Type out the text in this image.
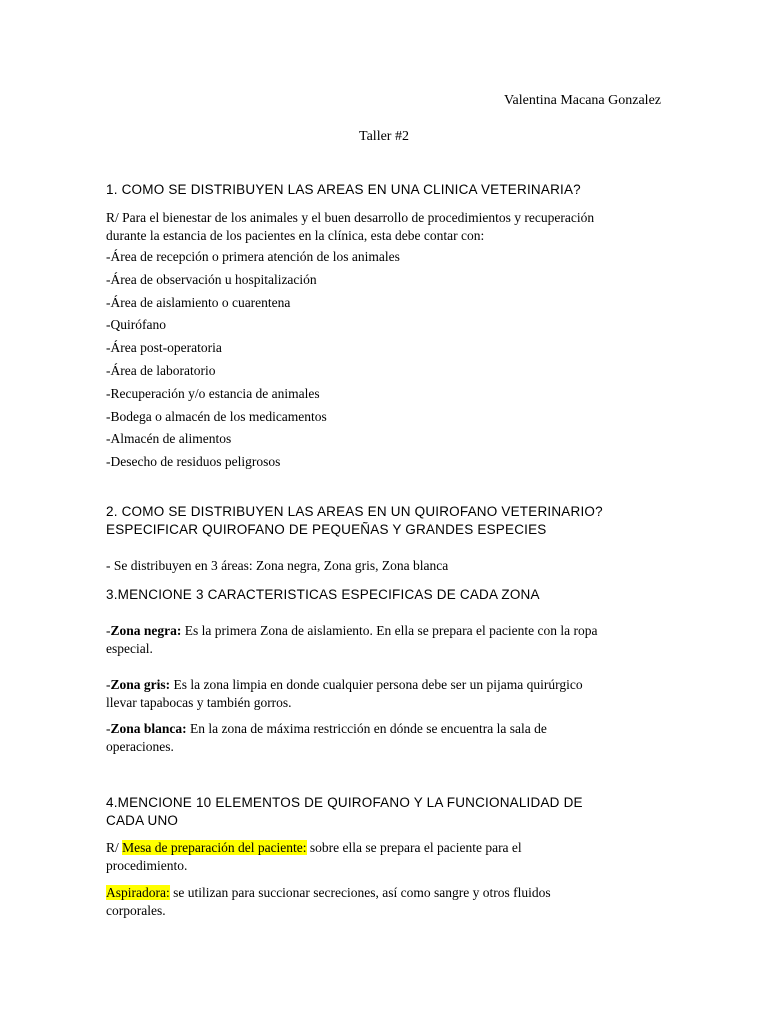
Valentina Macana Gonzalez
Taller #2
1. COMO SE DISTRIBUYEN LAS AREAS EN UNA CLINICA VETERINARIA?

R/ Para el bienestar de los animales y el buen desarrollo de procedimientos y recuperación

durante la estancia de los pacientes en la clínica, esta debe contar con:

-Área de recepción o primera atención de los animales
-Área de observación u hospitalización
-Área de aislamiento o cuarentena
-Quirófano
-Área post-operatoria
-Área de laboratorio
-Recuperación y/o estancia de animales
-Bodega o almacén de los medicamentos
-Almacén de alimentos
-Desecho de residuos peligrosos
2. COMO SE DISTRIBUYEN LAS AREAS EN UN QUIROFANO VETERINARIO?
ESPECIFICAR QUIROFANO DE PEQUEÑAS Y GRANDES ESPECIES
- Se distribuyen en 3 áreas: Zona negra, Zona gris, Zona blanca
3.MENCIONE 3 CARACTERISTICAS ESPECIFICAS DE CADA ZONA
-Zona negra: Es la primera Zona de aislamiento. En ella se prepara el paciente con la ropa
especial.
-Zona gris: Es la zona limpia en donde cualquier persona debe ser un pijama quirúrgico
llevar tapabocas y también gorros.
-Zona blanca: En la zona de máxima restricción en dónde se encuentra la sala de
operaciones.
4.MENCIONE 10 ELEMENTOS DE QUIROFANO Y LA FUNCIONALIDAD DE
CADA UNO
R/ Mesa de preparación del paciente: sobre ella se prepara el paciente para el
procedimiento.
Aspiradora: se utilizan para succionar secreciones, así como sangre y otros fluidos
corporales.
